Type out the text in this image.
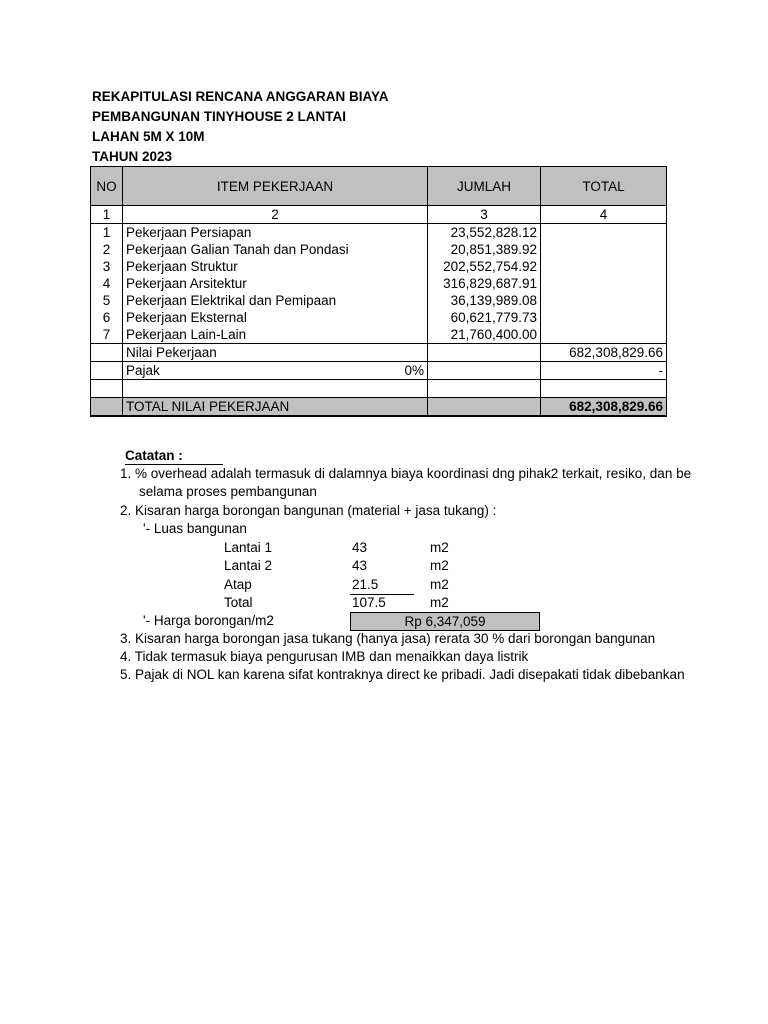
REKAPITULASI RENCANA ANGGARAN BIAYA
PEMBANGUNAN TINYHOUSE 2 LANTAI
LAHAN 5M X 10M
TAHUN 2023
NO	ITEM PEKERJAAN	JUMLAH	TOTAL
1	2	3	4
1	Pekerjaan Persiapan	23,552,828.12	
2	Pekerjaan Galian Tanah dan Pondasi	20,851,389.92	
3	Pekerjaan Struktur	202,552,754.92	
4	Pekerjaan Arsitektur	316,829,687.91	
5	Pekerjaan Elektrikal dan Pemipaan	36,139,989.08	
6	Pekerjaan Eksternal	60,621,779.73	
7	Pekerjaan Lain-Lain	21,760,400.00	
	Nilai Pekerjaan		682,308,829.66

	Pajak 0%		-

	TOTAL NILAI PEKERJAAN		682,308,829.66
Catatan :
1. % overhead adalah termasuk di dalamnya biaya koordinasi dng pihak2 terkait, resiko, dan be
selama proses pembangunan
2. Kisaran harga borongan bangunan (material + jasa tukang) :
'- Luas bangunan
Lantai 1	43	m2
Lantai 2	43	m2
Atap	21.5	m2
Total	107.5	m2
'- Harga borongan/m2	Rp 6,347,059
3. Kisaran harga borongan jasa tukang (hanya jasa) rerata 30 % dari borongan bangunan
4. Tidak termasuk biaya pengurusan IMB dan menaikkan daya listrik
5. Pajak di NOL kan karena sifat kontraknya direct ke pribadi. Jadi disepakati tidak dibebankan
